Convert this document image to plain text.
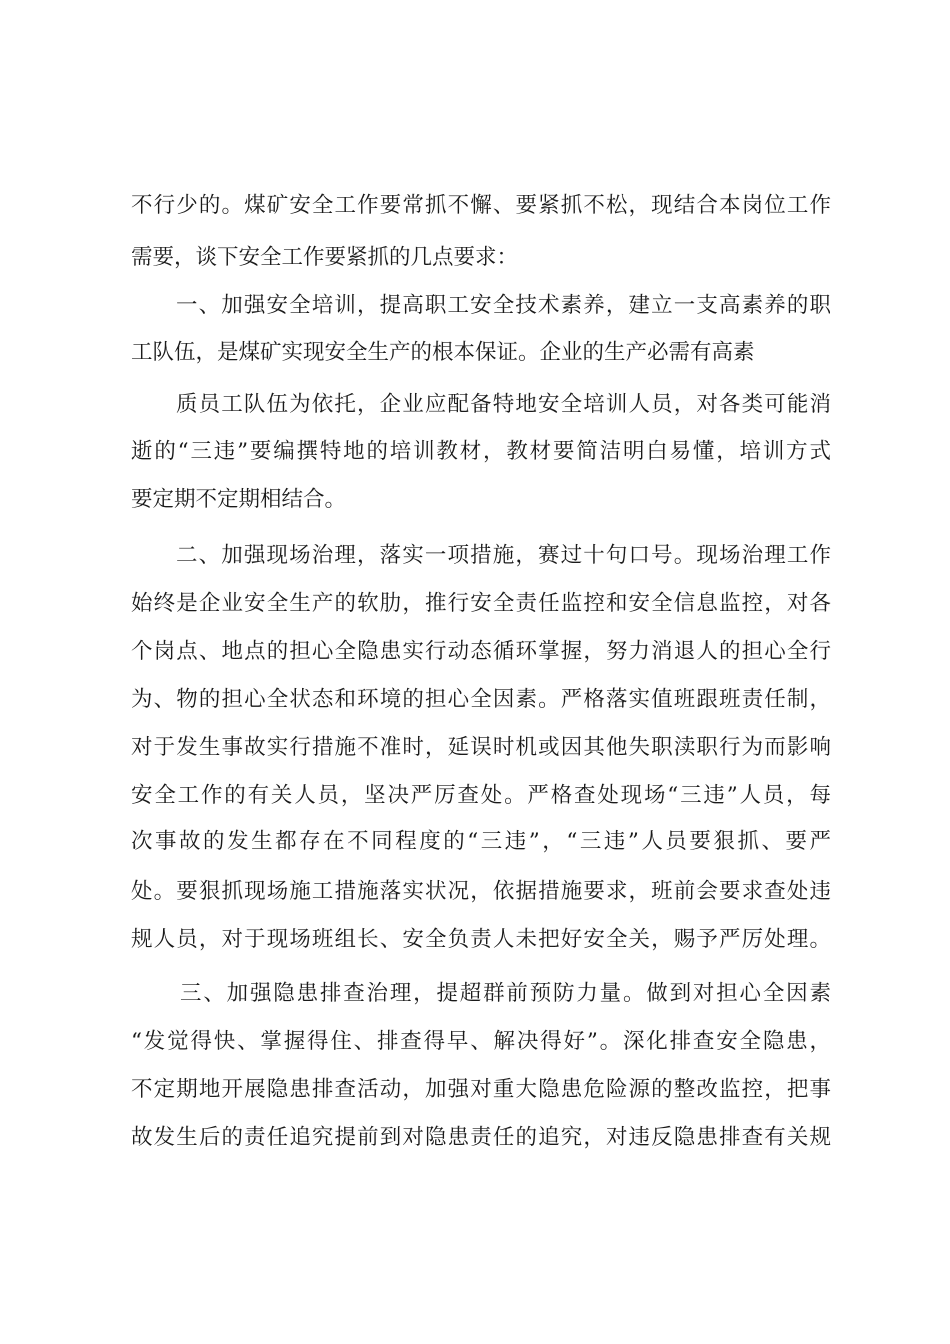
不行少的。煤矿安全工作要常抓不懈、要紧抓不松，现结合本岗位工作
需要，谈下安全工作要紧抓的几点要求：
一、加强安全培训，提高职工安全技术素养，建立一支高素养的职
工队伍，是煤矿实现安全生产的根本保证。企业的生产必需有高素
质员工队伍为依托，企业应配备特地安全培训人员，对各类可能消
逝的“三违”要编撰特地的培训教材，教材要简洁明白易懂，培训方式
要定期不定期相结合。
二、加强现场治理，落实一项措施，赛过十句口号。现场治理工作
始终是企业安全生产的软肋，推行安全责任监控和安全信息监控，对各
个岗点、地点的担心全隐患实行动态循环掌握，努力消退人的担心全行
为、物的担心全状态和环境的担心全因素。严格落实值班跟班责任制，
对于发生事故实行措施不准时，延误时机或因其他失职渎职行为而影响
安全工作的有关人员，坚决严厉查处。严格查处现场“三违”人员，每
次事故的发生都存在不同程度的“三违”，“三违”人员要狠抓、要严
处。要狠抓现场施工措施落实状况，依据措施要求，班前会要求查处违
规人员，对于现场班组长、安全负责人未把好安全关，赐予严厉处理。
三、加强隐患排查治理，提超群前预防力量。做到对担心全因素
“发觉得快、掌握得住、排查得早、解决得好”。深化排查安全隐患，
不定期地开展隐患排查活动，加强对重大隐患危险源的整改监控，把事
故发生后的责任追究提前到对隐患责任的追究，对违反隐患排查有关规
